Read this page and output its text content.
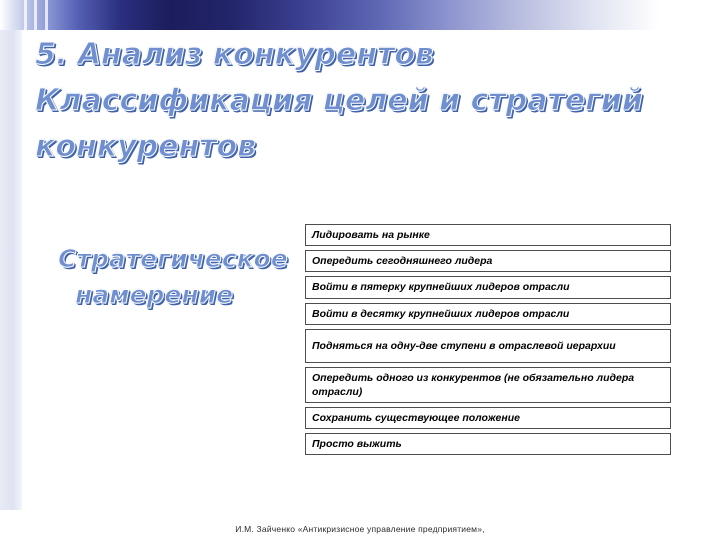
5. Анализ конкурентов
Классификация целей и стратегий
конкурентов
Стратегическое
намерение
Лидировать на рынке
Опередить сегодняшнего лидера
Войти в пятерку крупнейших лидеров отрасли
Войти в десятку крупнейших лидеров отрасли
Подняться на одну-две ступени в отраслевой иерархии
Опередить одного из конкурентов (не обязательно лидера отрасли)
Сохранить существующее положение
Просто выжить
И.М. Зайченко «Антикризисное управление предприятием»,
